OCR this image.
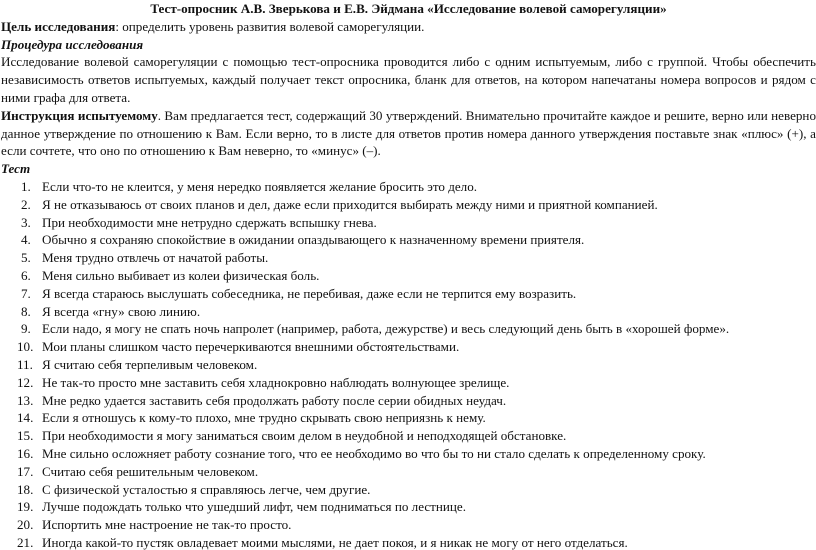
Тест-опросник А.В. Зверькова и Е.В. Эйдмана «Исследование волевой саморегуляции»
Цель исследования: определить уровень развития волевой саморегуляции.
Процедура исследования
Исследование волевой саморегуляции с помощью тест-опросника проводится либо с одним испытуемым, либо с группой. Чтобы обеспечить независимость ответов испытуемых, каждый получает текст опросника, бланк для ответов, на котором напечатаны номера вопросов и рядом с ними графа для ответа.
Инструкция испытуемому. Вам предлагается тест, содержащий 30 утверждений. Внимательно прочитайте каждое и решите, верно или неверно данное утверждение по отношению к Вам. Если верно, то в листе для ответов против номера данного утверждения поставьте знак «плюс» (+), а если сочтете, что оно по отношению к Вам неверно, то «минус» (–).
Тест
1. Если что-то не клеится, у меня нередко появляется желание бросить это дело.
2. Я не отказываюсь от своих планов и дел, даже если приходится выбирать между ними и приятной компанией.
3. При необходимости мне нетрудно сдержать вспышку гнева.
4. Обычно я сохраняю спокойствие в ожидании опаздывающего к назначенному времени приятеля.
5. Меня трудно отвлечь от начатой работы.
6. Меня сильно выбивает из колеи физическая боль.
7. Я всегда стараюсь выслушать собеседника, не перебивая, даже если не терпится ему возразить.
8. Я всегда «гну» свою линию.
9. Если надо, я могу не спать ночь напролет (например, работа, дежурстве) и весь следующий день быть в «хорошей форме».
10. Мои планы слишком часто перечеркиваются внешними обстоятельствами.
11. Я считаю себя терпеливым человеком.
12. Не так-то просто мне заставить себя хладнокровно наблюдать волнующее зрелище.
13. Мне редко удается заставить себя продолжать работу после серии обидных неудач.
14. Если я отношусь к кому-то плохо, мне трудно скрывать свою неприязнь к нему.
15. При необходимости я могу заниматься своим делом в неудобной и неподходящей обстановке.
16. Мне сильно осложняет работу сознание того, что ее необходимо во что бы то ни стало сделать к определенному сроку.
17. Считаю себя решительным человеком.
18. С физической усталостью я справляюсь легче, чем другие.
19. Лучше подождать только что ушедший лифт, чем подниматься по лестнице.
20. Испортить мне настроение не так-то просто.
21. Иногда какой-то пустяк овладевает моими мыслями, не дает покоя, и я никак не могу от него отделаться.
